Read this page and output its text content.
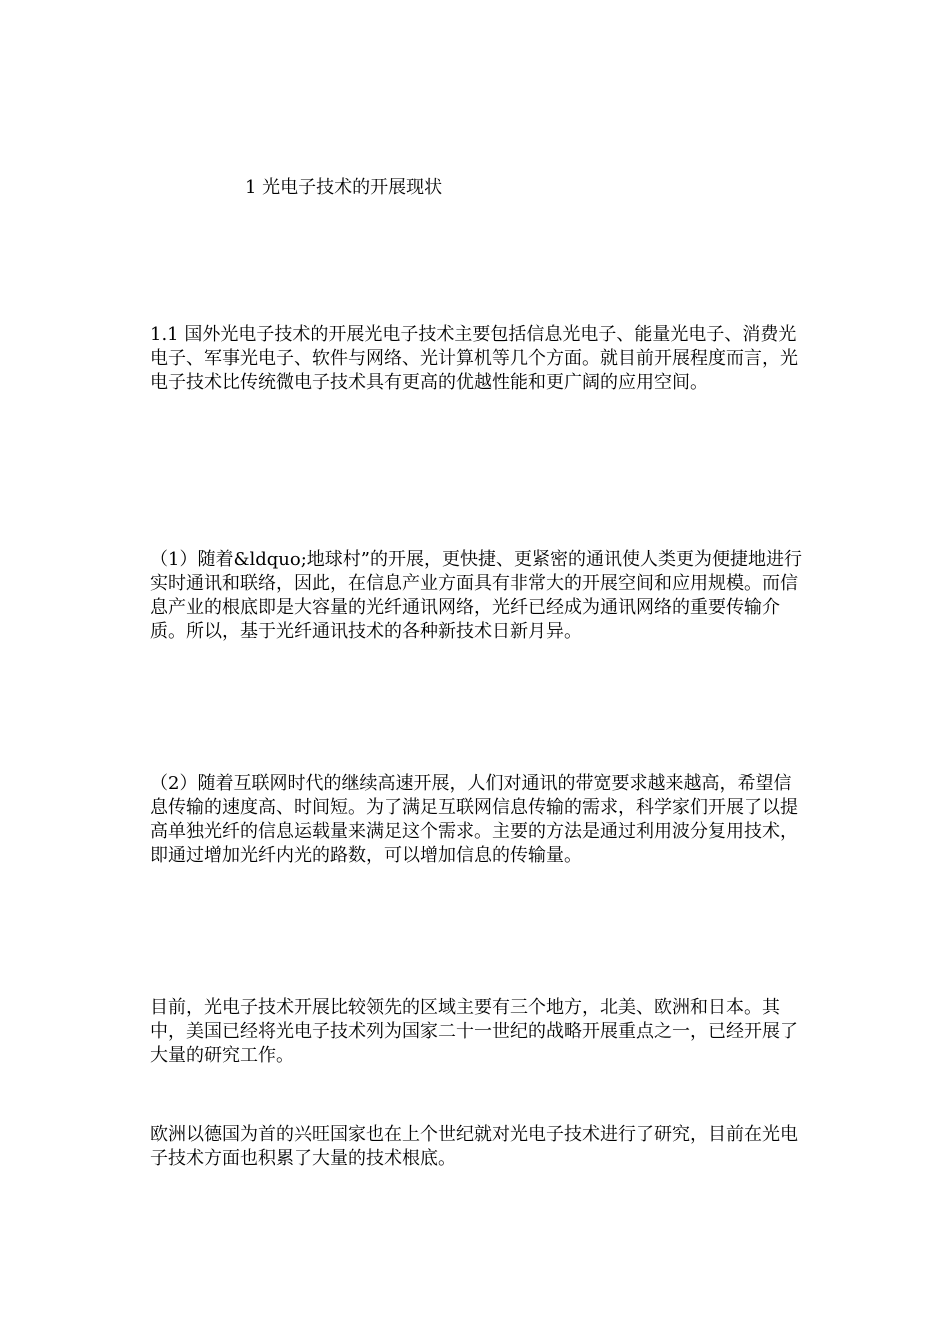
1 光电子技术的开展现状

1.1 国外光电子技术的开展光电子技术主要包括信息光电子、能量光电子、消费光电子、军事光电子、软件与网络、光计算机等几个方面。就目前开展程度而言，光电子技术比传统微电子技术具有更高的优越性能和更广阔的应用空间。

（1）随着&ldquo;地球村”的开展，更快捷、更紧密的通讯使人类更为便捷地进行实时通讯和联络，因此，在信息产业方面具有非常大的开展空间和应用规模。而信息产业的根底即是大容量的光纤通讯网络，光纤已经成为通讯网络的重要传输介质。所以，基于光纤通讯技术的各种新技术日新月异。

（2）随着互联网时代的继续高速开展，人们对通讯的带宽要求越来越高，希望信息传输的速度高、时间短。为了满足互联网信息传输的需求，科学家们开展了以提高单独光纤的信息运载量来满足这个需求。主要的方法是通过利用波分复用技术，即通过增加光纤内光的路数，可以增加信息的传输量。

目前，光电子技术开展比较领先的区域主要有三个地方，北美、欧洲和日本。其中，美国已经将光电子技术列为国家二十一世纪的战略开展重点之一，已经开展了大量的研究工作。

欧洲以德国为首的兴旺国家也在上个世纪就对光电子技术进行了研究，目前在光电子技术方面也积累了大量的技术根底。
